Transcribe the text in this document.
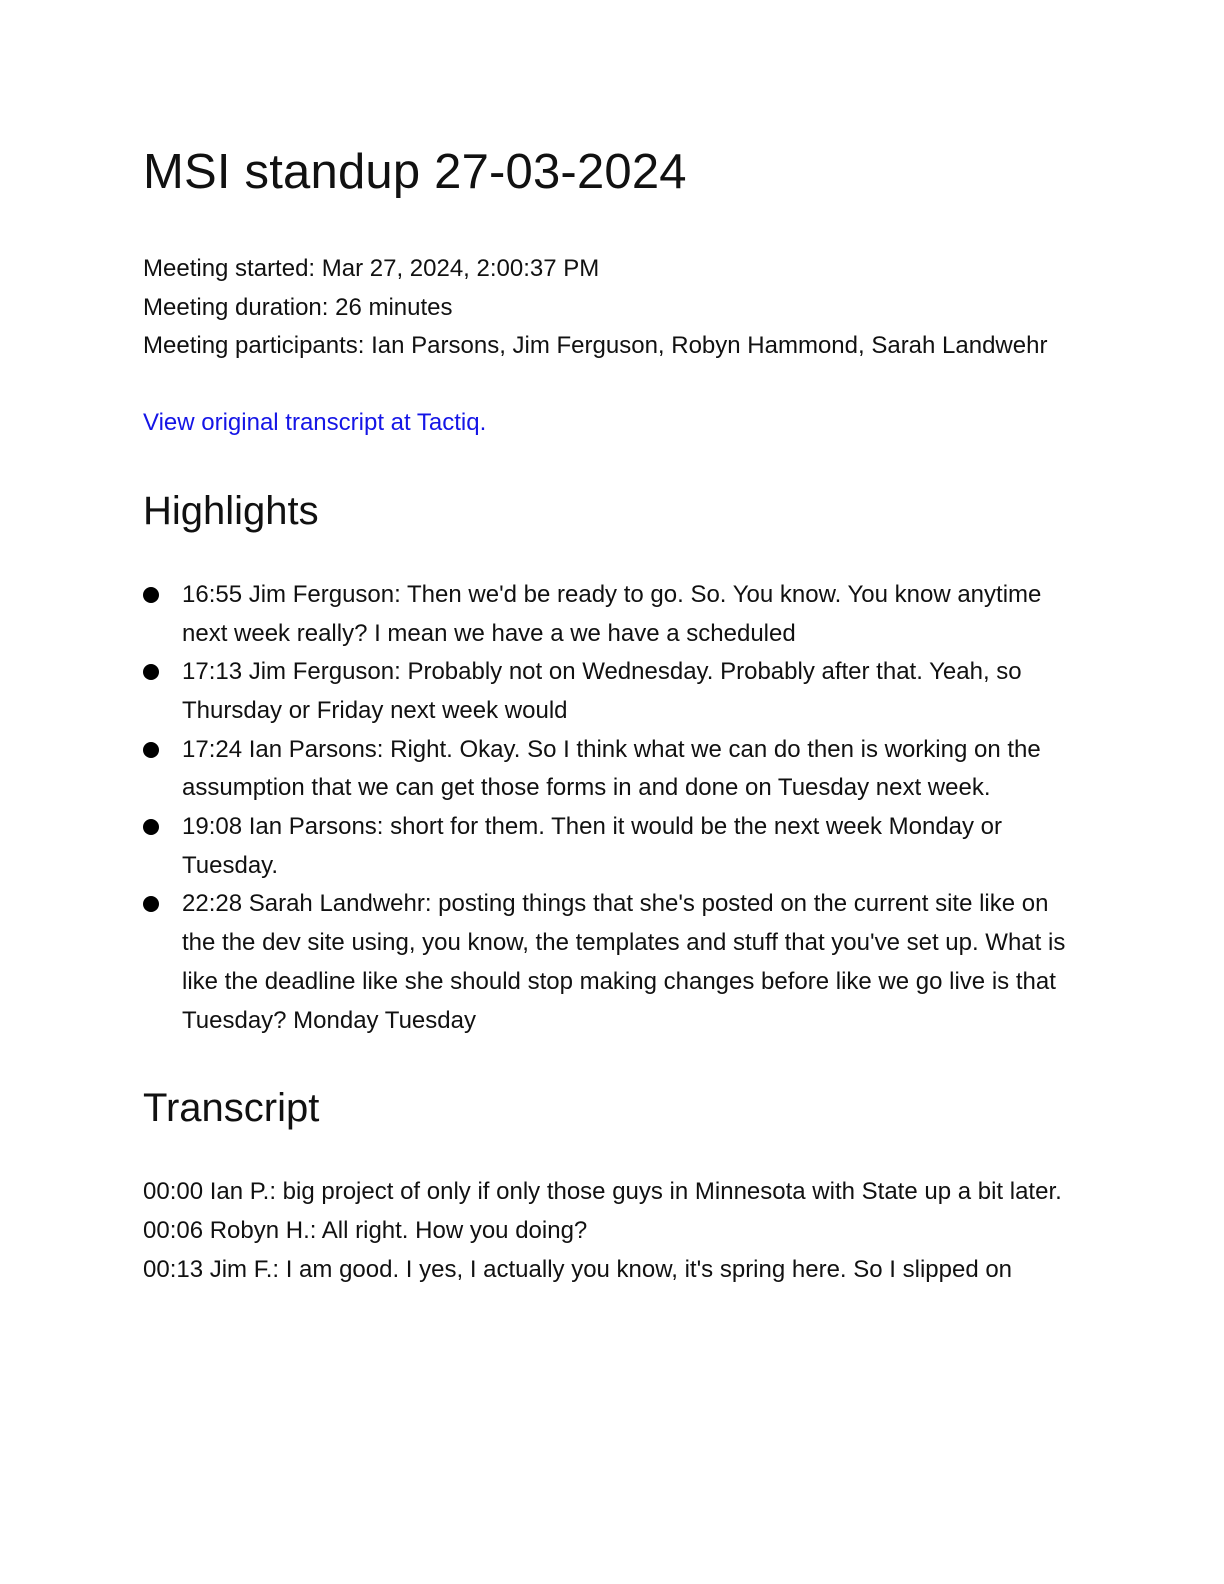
MSI standup 27-03-2024
Meeting started: Mar 27, 2024, 2:00:37 PM
Meeting duration: 26 minutes
Meeting participants: Ian Parsons, Jim Ferguson, Robyn Hammond, Sarah Landwehr
View original transcript at Tactiq.
Highlights
16:55 Jim Ferguson: Then we'd be ready to go. So. You know. You know anytime next week really? I mean we have a we have a scheduled
17:13 Jim Ferguson: Probably not on Wednesday. Probably after that. Yeah, so Thursday or Friday next week would
17:24 Ian Parsons: Right. Okay. So I think what we can do then is working on the assumption that we can get those forms in and done on Tuesday next week.
19:08 Ian Parsons: short for them. Then it would be the next week Monday or Tuesday.
22:28 Sarah Landwehr: posting things that she's posted on the current site like on the the dev site using, you know, the templates and stuff that you've set up. What is like the deadline like she should stop making changes before like we go live is that Tuesday? Monday Tuesday
Transcript
00:00 Ian P.: big project of only if only those guys in Minnesota with State up a bit later.
00:06 Robyn H.: All right. How you doing?
00:13 Jim F.: I am good. I yes, I actually you know, it's spring here. So I slipped on
